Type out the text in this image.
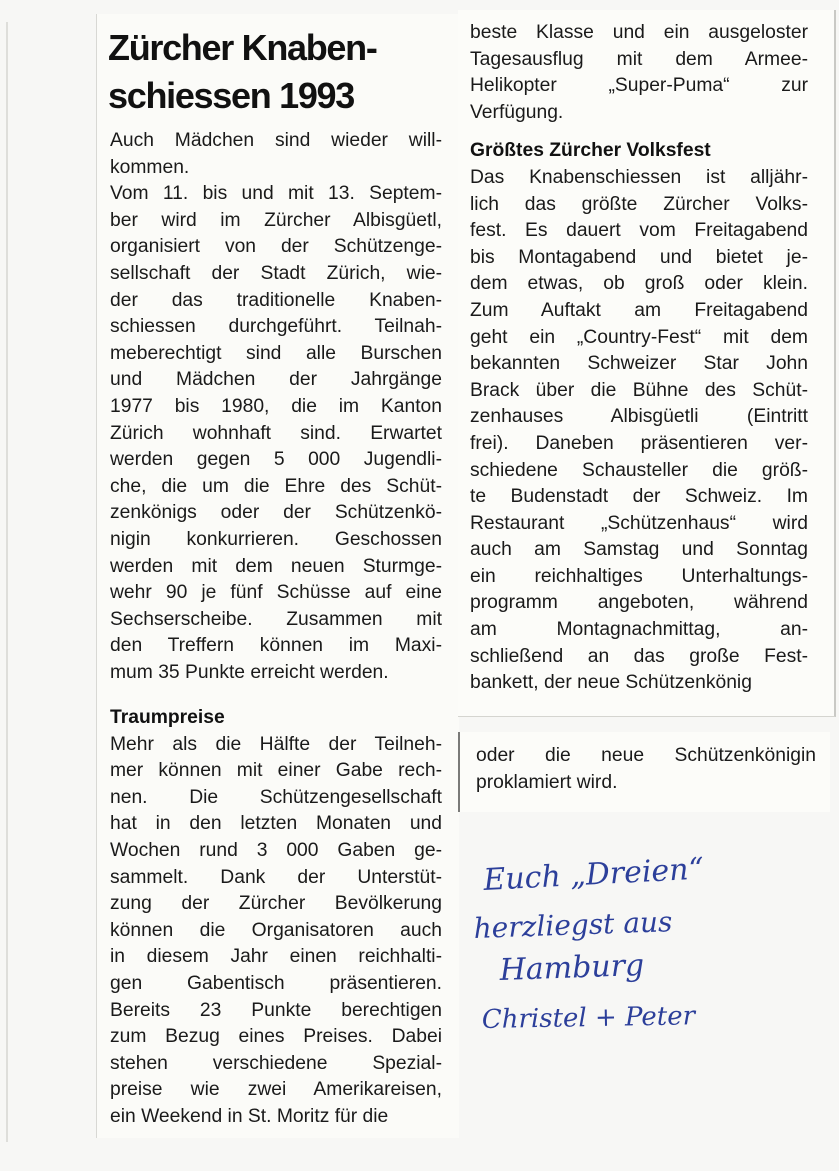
Zürcher Knaben-
schiessen 1993
Auch Mädchen sind wieder will-
kommen.
Vom 11. bis und mit 13. Septem-
ber wird im Zürcher Albisgüetl,
organisiert von der Schützenge-
sellschaft der Stadt Zürich, wie-
der das traditionelle Knaben-
schiessen durchgeführt. Teilnah-
meberechtigt sind alle Burschen
und Mädchen der Jahrgänge
1977 bis 1980, die im Kanton
Zürich wohnhaft sind. Erwartet
werden gegen 5 000 Jugendli-
che, die um die Ehre des Schüt-
zenkönigs oder der Schützenkö-
nigin konkurrieren. Geschossen
werden mit dem neuen Sturmge-
wehr 90 je fünf Schüsse auf eine
Sechserscheibe. Zusammen mit
den Treffern können im Maxi-
mum 35 Punkte erreicht werden.

Traumpreise

Mehr als die Hälfte der Teilneh-
mer können mit einer Gabe rech-
nen. Die Schützengesellschaft
hat in den letzten Monaten und
Wochen rund 3 000 Gaben ge-
sammelt. Dank der Unterstüt-
zung der Zürcher Bevölkerung
können die Organisatoren auch
in diesem Jahr einen reichhalti-
gen Gabentisch präsentieren.
Bereits 23 Punkte berechtigen
zum Bezug eines Preises. Dabei
stehen verschiedene Spezial-
preise wie zwei Amerikareisen,
ein Weekend in St. Moritz für die
beste Klasse und ein ausgeloster
Tagesausflug mit dem Armee-
Helikopter „Super-Puma“ zur
Verfügung.

Größtes Zürcher Volksfest

Das Knabenschiessen ist alljähr-
lich das größte Zürcher Volks-
fest. Es dauert vom Freitagabend
bis Montagabend und bietet je-
dem etwas, ob groß oder klein.
Zum Auftakt am Freitagabend
geht ein „Country-Fest“ mit dem
bekannten Schweizer Star John
Brack über die Bühne des Schüt-
zenhauses Albisgüetli (Eintritt
frei). Daneben präsentieren ver-
schiedene Schausteller die größ-
te Budenstadt der Schweiz. Im
Restaurant „Schützenhaus“ wird
auch am Samstag und Sonntag
ein reichhaltiges Unterhaltungs-
programm angeboten, während
am Montagnachmittag, an-
schließend an das große Fest-
bankett, der neue Schützenkönig
oder die neue Schützenkönigin
proklamiert wird.
Euch „Dreien“
herzliegst aus
Hamburg
Christel + Peter
